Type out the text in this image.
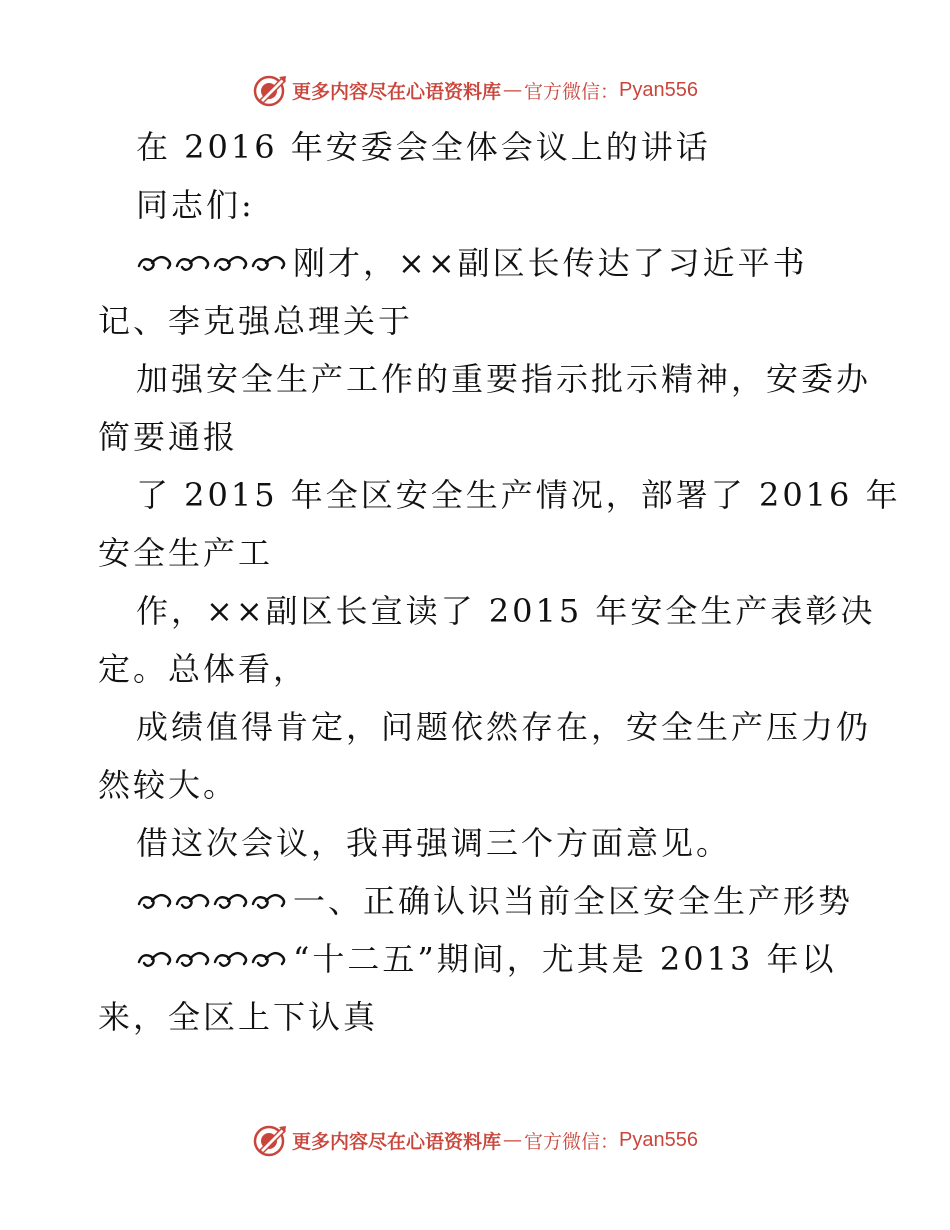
更多内容尽在心语资料库 — 官方微信： Pyan556
在 2016 年安委会全体会议上的讲话
同志们:
刚才，××副区长传达了习近平书
记、李克强总理关于
加强安全生产工作的重要指示批示精神，安委办
简要通报
了 2015 年全区安全生产情况，部署了 2016 年
安全生产工
作，××副区长宣读了 2015 年安全生产表彰决
定。总体看，
成绩值得肯定，问题依然存在，安全生产压力仍
然较大。
借这次会议，我再强调三个方面意见。
一、正确认识当前全区安全生产形势
“十二五”期间，尤其是 2013 年以
来，全区上下认真
更多内容尽在心语资料库 — 官方微信： Pyan556
